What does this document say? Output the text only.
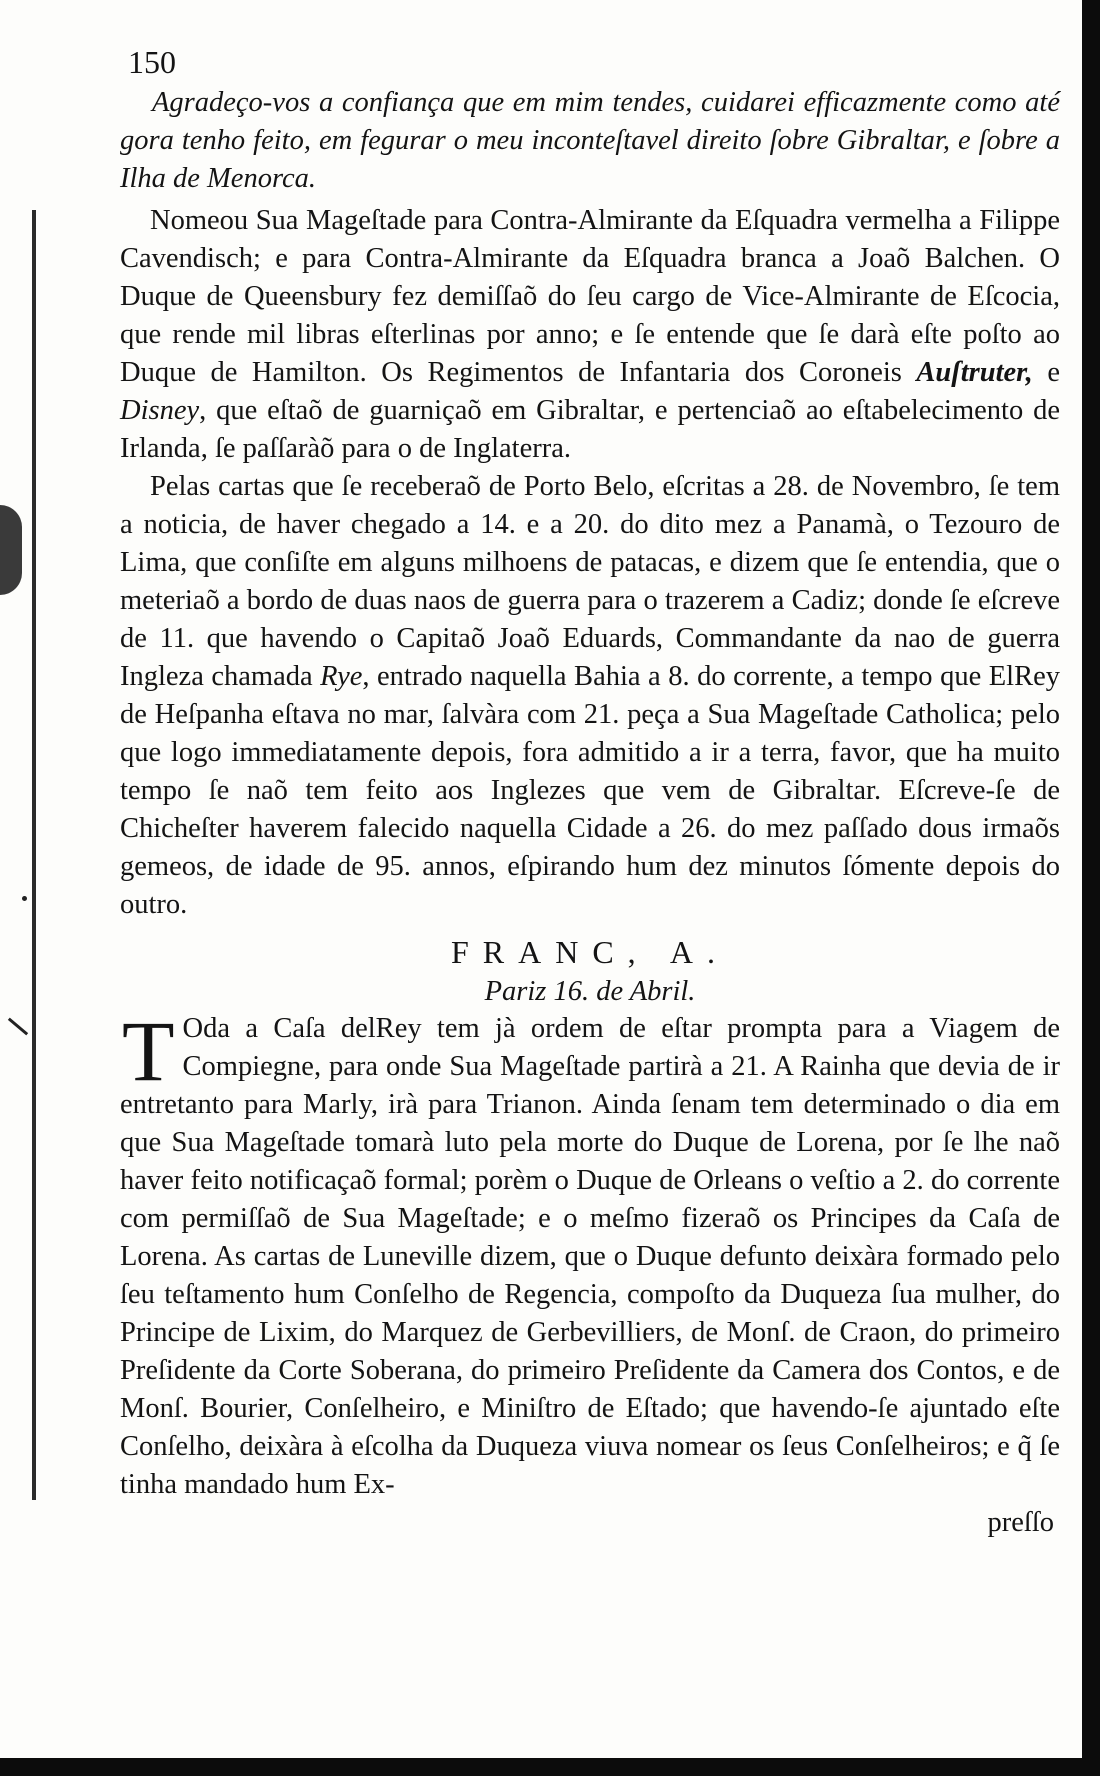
150

Agradeço-vos a confiança que em mim tendes, cuidarei efficazmente como até gora tenho feito, em fegurar o meu inconteſtavel direito ſobre Gibraltar, e ſobre a Ilha de Menorca.

Nomeou Sua Mageſtade para Contra-Almirante da Eſquadra vermelha a Filippe Cavendisch; e para Contra-Almirante da Eſquadra branca a Joaõ Balchen. O Duque de Queensbury fez demiſſaõ do ſeu cargo de Vice-Almirante de Eſcocia, que rende mil libras eſterlinas por anno; e ſe entende que ſe darà eſte poſto ao Duque de Hamilton. Os Regimentos de Infantaria dos Coroneis Auſtruter, e Disney, que eſtaõ de guarniçaõ em Gibraltar, e pertenciaõ ao eſtabelecimento de Irlanda, ſe paſſaràõ para o de Inglaterra.

Pelas cartas que ſe receberaõ de Porto Belo, eſcritas a 28. de Novembro, ſe tem a noticia, de haver chegado a 14. e a 20. do dito mez a Panamà, o Tezouro de Lima, que conſiſte em alguns milhoens de patacas, e dizem que ſe entendia, que o meteriaõ a bordo de duas naos de guerra para o trazerem a Cadiz; donde ſe eſcreve de 11. que havendo o Capitaõ Joaõ Eduards, Commandante da nao de guerra Ingleza chamada Rye, entrado naquella Bahia a 8. do corrente, a tempo que ElRey de Heſpanha eſtava no mar, ſalvàra com 21. peça a Sua Mageſtade Catholica; pelo que logo immediatamente depois, fora admitido a ir a terra, favor, que ha muito tempo ſe naõ tem feito aos Inglezes que vem de Gibraltar. Eſcreve-ſe de Chicheſter haverem falecido naquella Cidade a 26. do mez paſſado dous irmaõs gemeos, de idade de 95. annos, eſpirando hum dez minutos ſómente depois do outro.

FRANC, A.
Pariz 16. de Abril.

T Oda a Caſa delRey tem jà ordem de eſtar prompta para a Viagem de Compiegne, para onde Sua Mageſtade partirà a 21. A Rainha que devia de ir entretanto para Marly, irà para Trianon. Ainda ſenam tem determinado o dia em que Sua Mageſtade tomarà luto pela morte do Duque de Lorena, por ſe lhe naõ haver feito notificaçaõ formal; porèm o Duque de Orleans o veſtio a 2. do corrente com permiſſaõ de Sua Mageſtade; e o meſmo fizeraõ os Principes da Caſa de Lorena. As cartas de Luneville dizem, que o Duque defunto deixàra formado pelo ſeu teſtamento hum Conſelho de Regencia, compoſto da Duqueza ſua mulher, do Principe de Lixim, do Marquez de Gerbevilliers, de Monſ. de Craon, do primeiro Preſidente da Corte Soberana, do primeiro Preſidente da Camera dos Contos, e de Monſ. Bourier, Conſelheiro, e Miniſtro de Eſtado; que havendo-ſe ajuntado eſte Conſelho, deixàra à eſcolha da Duqueza viuva nomear os ſeus Conſelheiros; e q̃ ſe tinha mandado hum Ex-

preſſo
